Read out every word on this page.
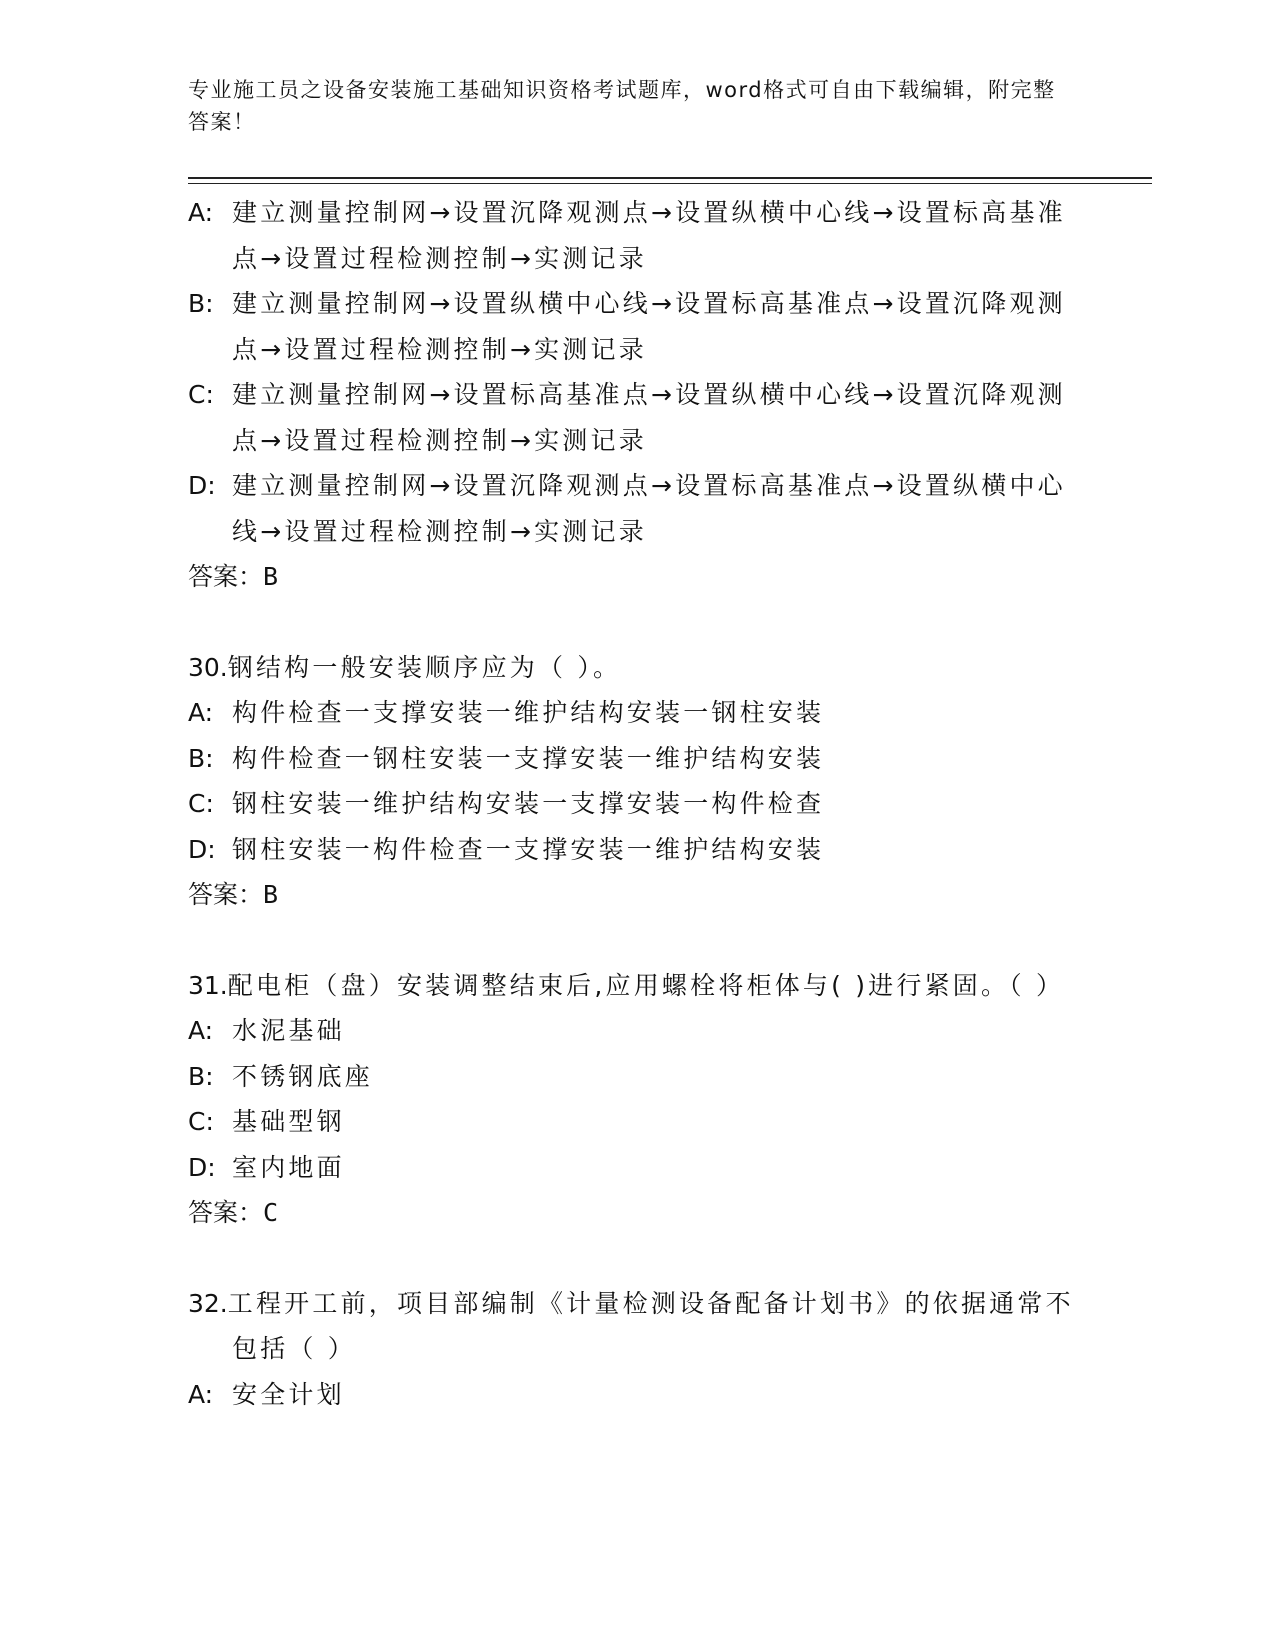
专业施工员之设备安装施工基础知识资格考试题库，word格式可自由下载编辑，附完整答案！

A: 建立测量控制网→设置沉降观测点→设置纵横中心线→设置标高基准点→设置过程检测控制→实测记录

B: 建立测量控制网→设置纵横中心线→设置标高基准点→设置沉降观测点→设置过程检测控制→实测记录

C: 建立测量控制网→设置标高基准点→设置纵横中心线→设置沉降观测点→设置过程检测控制→实测记录

D: 建立测量控制网→设置沉降观测点→设置标高基准点→设置纵横中心线→设置过程检测控制→实测记录

答案：B

30.钢结构一般安装顺序应为（ ）。

A: 构件检查一支撑安装一维护结构安装一钢柱安装

B: 构件检查一钢柱安装一支撑安装一维护结构安装

C: 钢柱安装一维护结构安装一支撑安装一构件检查

D: 钢柱安装一构件检查一支撑安装一维护结构安装

答案：B

31.配电柜（盘）安装调整结束后,应用螺栓将柜体与( )进行紧固。（ ）

A: 水泥基础

B: 不锈钢底座

C: 基础型钢

D: 室内地面

答案：C

32.工程开工前，项目部编制《计量检测设备配备计划书》的依据通常不包括（ ）

A: 安全计划
